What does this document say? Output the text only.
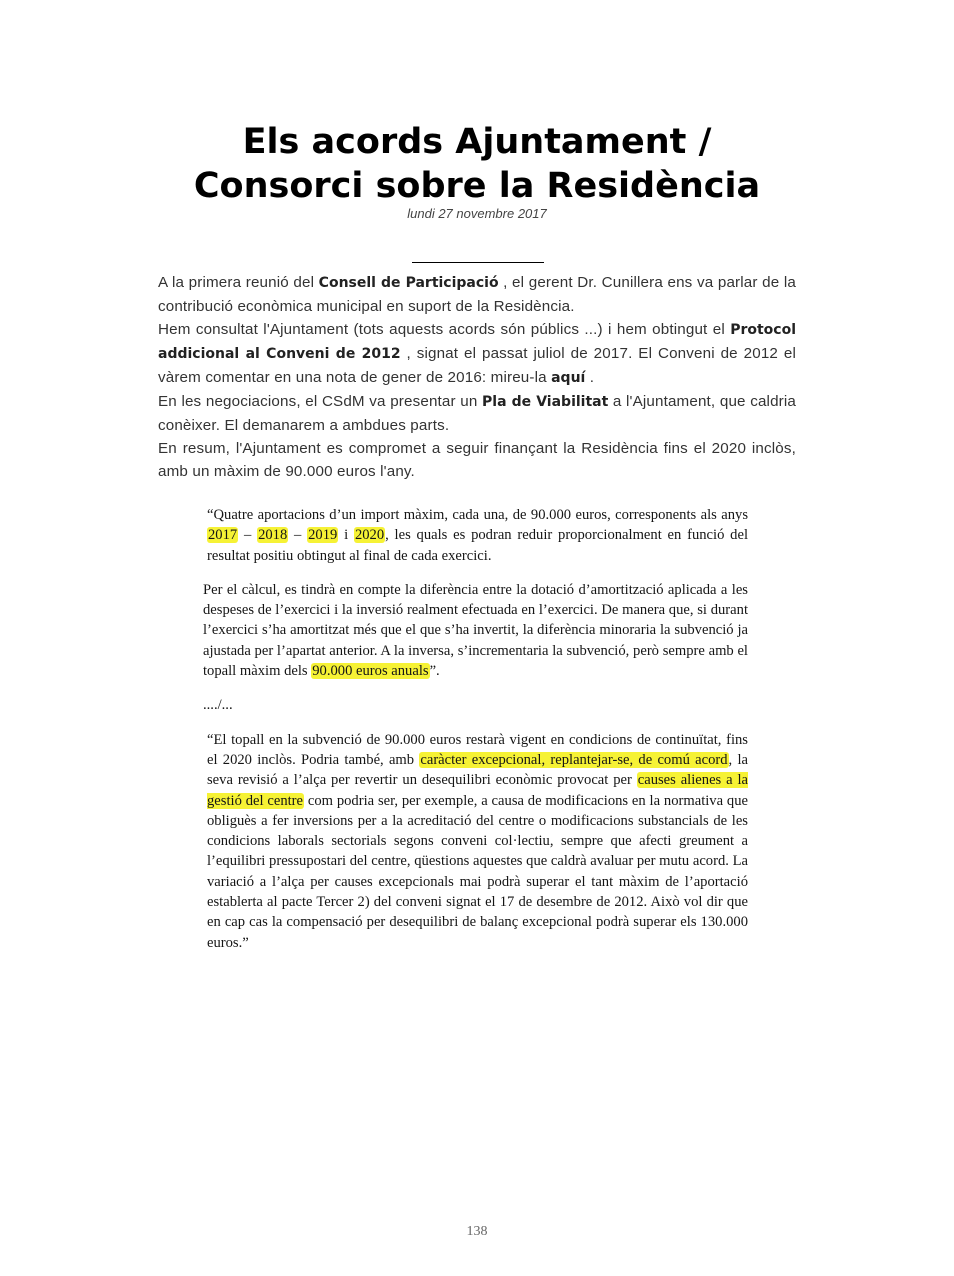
Els acords Ajuntament /
Consorci sobre la Residència
lundi 27 novembre 2017

A la primera reunió del Consell de Participació , el gerent Dr. Cunillera ens va parlar de la contribució econòmica municipal en suport de la Residència.

Hem consultat l'Ajuntament (tots aquests acords són públics ...) i hem obtingut el Protocol addicional al Conveni de 2012 , signat el passat juliol de 2017. El Conveni de 2012 el vàrem comentar en una nota de gener de 2016: mireu-la aquí .

En les negociacions, el CSdM va presentar un Pla de Viabilitat a l'Ajuntament, que caldria conèixer. El demanarem a ambdues parts.

En resum, l'Ajuntament es compromet a seguir finançant la Residència fins el 2020 inclòs, amb un màxim de 90.000 euros l'any.

“Quatre aportacions d’un import màxim, cada una, de 90.000 euros, corresponents als anys 2017 – 2018 – 2019 i 2020, les quals es podran reduir proporcionalment en funció del resultat positiu obtingut al final de cada exercici.

Per el càlcul, es tindrà en compte la diferència entre la dotació d’amortització aplicada a les despeses de l’exercici i la inversió realment efectuada en l’exercici. De manera que, si durant l’exercici s’ha amortitzat més que el que s’ha invertit, la diferència minoraria la subvenció ja ajustada per l’apartat anterior. A la inversa, s’incrementaria la subvenció, però sempre amb el topall màxim dels 90.000 euros anuals”.

..../...

“El topall en la subvenció de 90.000 euros restarà vigent en condicions de continuïtat, fins el 2020 inclòs. Podria també, amb caràcter excepcional, replantejar-se, de comú acord, la seva revisió a l’alça per revertir un desequilibri econòmic provocat per causes alienes a la gestió del centre com podria ser, per exemple, a causa de modificacions en la normativa que obliguès a fer inversions per a la acreditació del centre o modificacions substancials de les condicions laborals sectorials segons conveni col·lectiu, sempre que afecti greument a l’equilibri pressupostari del centre, qüestions aquestes que caldrà avaluar per mutu acord. La variació a l’alça per causes excepcionals mai podrà superar el tant màxim de l’aportació establerta al pacte Tercer 2) del conveni signat el 17 de desembre de 2012. Això vol dir que en cap cas la compensació per desequilibri de balanç excepcional podrà superar els 130.000 euros.”

138
